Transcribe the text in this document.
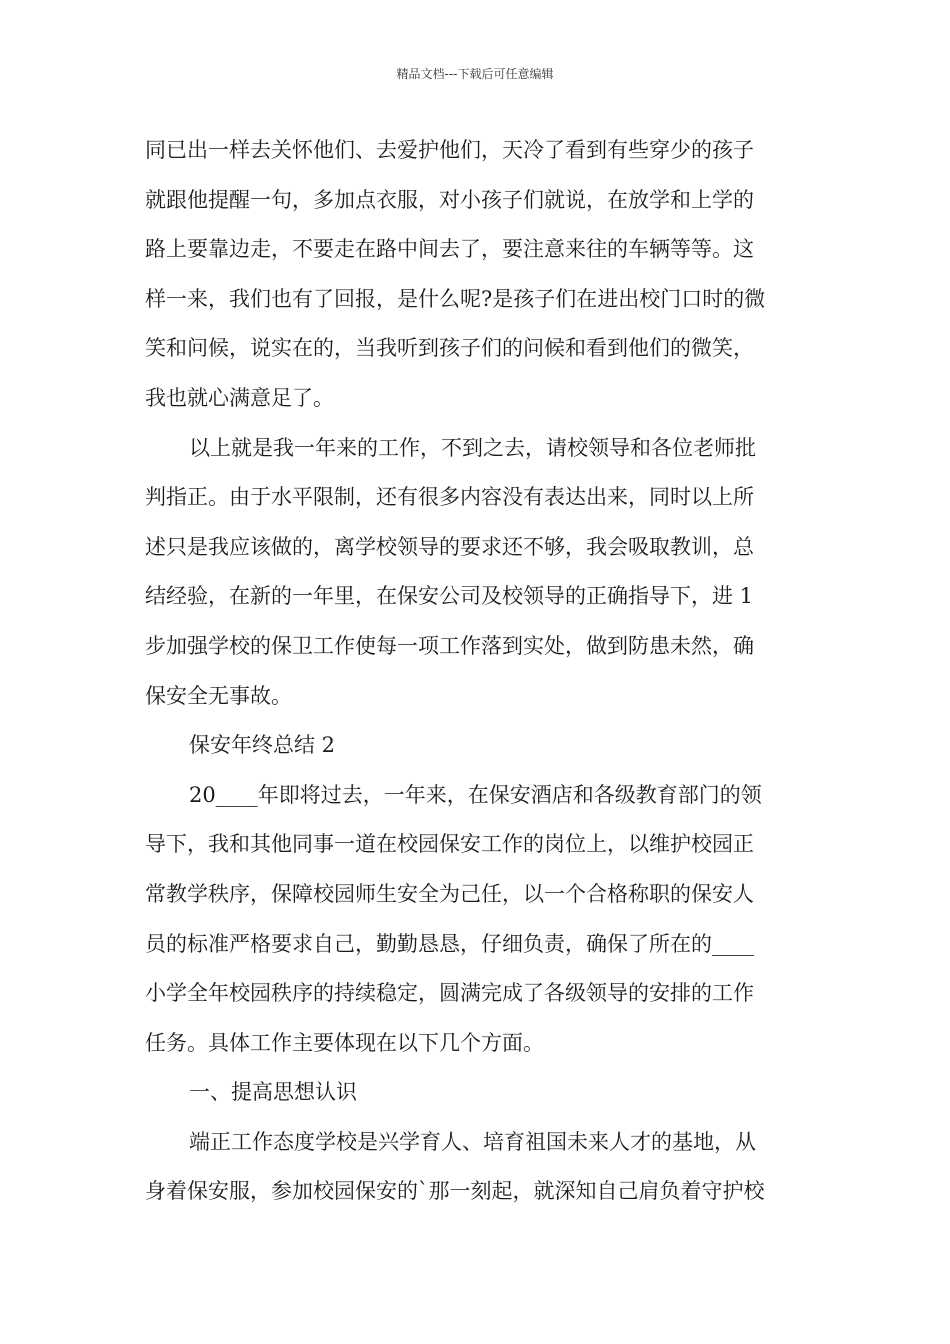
精品文档---下载后可任意编辑
同已出一样去关怀他们、去爱护他们，天冷了看到有些穿少的孩子
就跟他提醒一句，多加点衣服，对小孩子们就说，在放学和上学的
路上要靠边走，不要走在路中间去了，要注意来往的车辆等等。这
样一来，我们也有了回报，是什么呢?是孩子们在进出校门口时的微
笑和问候，说实在的，当我听到孩子们的问候和看到他们的微笑，
我也就心满意足了。
以上就是我一年来的工作，不到之去，请校领导和各位老师批
判指正。由于水平限制，还有很多内容没有表达出来，同时以上所
述只是我应该做的，离学校领导的要求还不够，我会吸取教训，总
结经验，在新的一年里，在保安公司及校领导的正确指导下，进 1
步加强学校的保卫工作使每一项工作落到实处，做到防患未然，确
保安全无事故。
保安年终总结 2
20____年即将过去，一年来，在保安酒店和各级教育部门的领
导下，我和其他同事一道在校园保安工作的岗位上，以维护校园正
常教学秩序，保障校园师生安全为己任，以一个合格称职的保安人
员的标准严格要求自己，勤勤恳恳，仔细负责，确保了所在的____
小学全年校园秩序的持续稳定，圆满完成了各级领导的安排的工作
任务。具体工作主要体现在以下几个方面。
一、提高思想认识
端正工作态度学校是兴学育人、培育祖国未来人才的基地，从
身着保安服，参加校园保安的`那一刻起，就深知自己肩负着守护校
